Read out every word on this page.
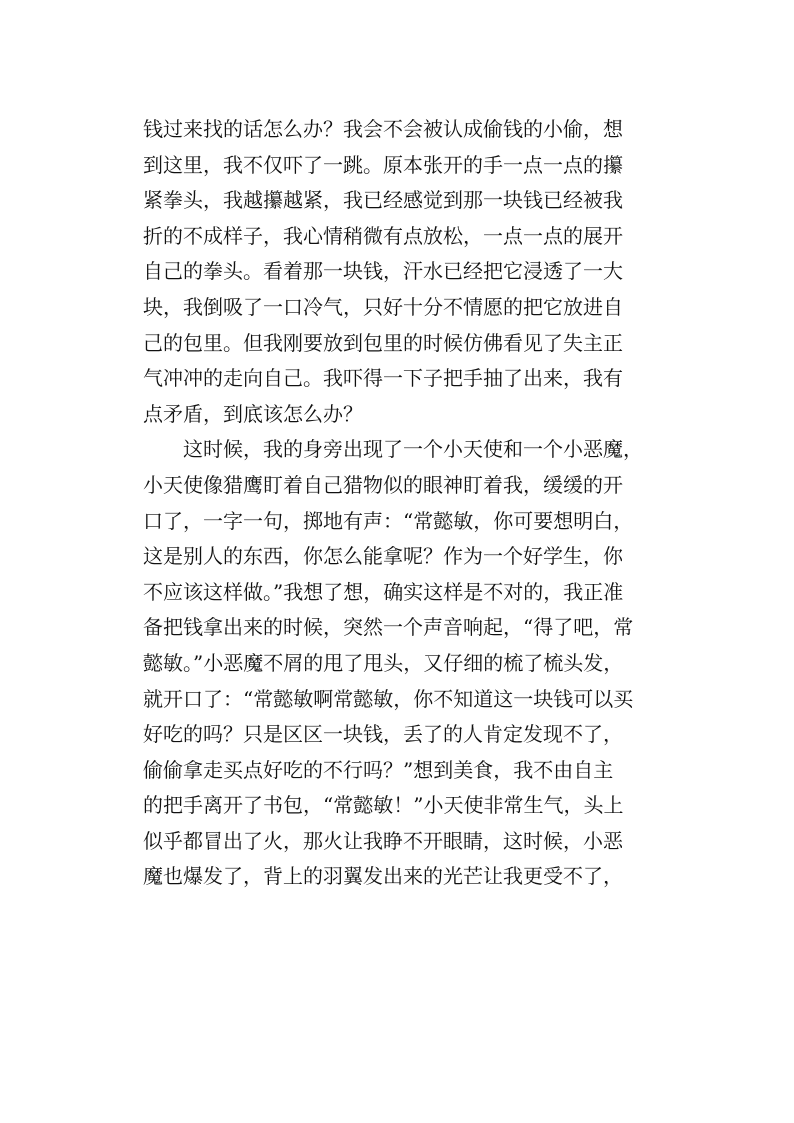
钱过来找的话怎么办？我会不会被认成偷钱的小偷，想
到这里，我不仅吓了一跳。原本张开的手一点一点的攥
紧拳头，我越攥越紧，我已经感觉到那一块钱已经被我
折的不成样子，我心情稍微有点放松，一点一点的展开
自己的拳头。看着那一块钱，汗水已经把它浸透了一大
块，我倒吸了一口冷气，只好十分不情愿的把它放进自
己的包里。但我刚要放到包里的时候仿佛看见了失主正
气冲冲的走向自己。我吓得一下子把手抽了出来，我有
点矛盾，到底该怎么办？
　　这时候，我的身旁出现了一个小天使和一个小恶魔，
小天使像猎鹰盯着自己猎物似的眼神盯着我，缓缓的开
口了，一字一句，掷地有声：“常懿敏，你可要想明白，
这是别人的东西，你怎么能拿呢？作为一个好学生，你
不应该这样做。”我想了想，确实这样是不对的，我正准
备把钱拿出来的时候，突然一个声音响起，“得了吧，常
懿敏。”小恶魔不屑的甩了甩头，又仔细的梳了梳头发，
就开口了：“常懿敏啊常懿敏，你不知道这一块钱可以买
好吃的吗？只是区区一块钱，丢了的人肯定发现不了，
偷偷拿走买点好吃的不行吗？”想到美食，我不由自主
的把手离开了书包，“常懿敏！”小天使非常生气，头上
似乎都冒出了火，那火让我睁不开眼睛，这时候，小恶
魔也爆发了，背上的羽翼发出来的光芒让我更受不了，
